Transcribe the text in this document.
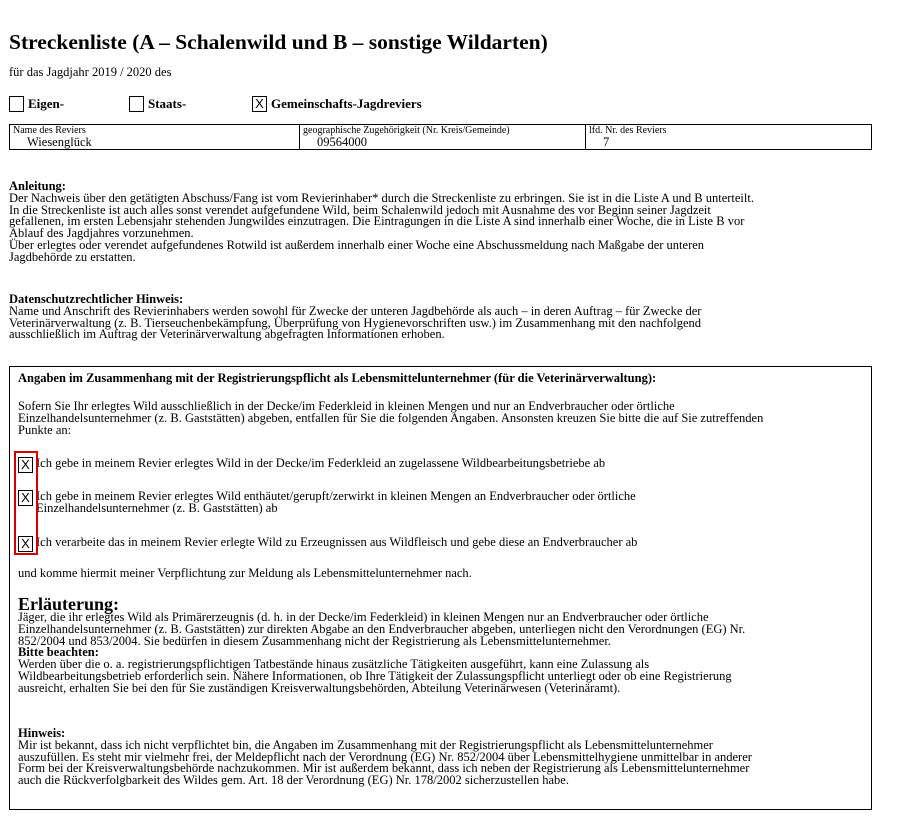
Streckenliste (A – Schalenwild und B – sonstige Wildarten)
für das Jagdjahr 2019 / 2020 des
Eigen-	Staats-	X Gemeinschafts-Jagdreviers
Name des Reviers
Wiesenglück

geographische Zugehörigkeit (Nr. Kreis/Gemeinde)
09564000

lfd. Nr. des Reviers
7

Anleitung:

Der Nachweis über den getätigten Abschuss/Fang ist vom Revierinhaber* durch die Streckenliste zu erbringen. Sie ist in die Liste A und B unterteilt.

In die Streckenliste ist auch alles sonst verendet aufgefundene Wild, beim Schalenwild jedoch mit Ausnahme des vor Beginn seiner Jagdzeit

gefallenen, im ersten Lebensjahr stehenden Jungwildes einzutragen. Die Eintragungen in die Liste A sind innerhalb einer Woche, die in Liste B vor

Ablauf des Jagdjahres vorzunehmen.

Über erlegtes oder verendet aufgefundenes Rotwild ist außerdem innerhalb einer Woche eine Abschussmeldung nach Maßgabe der unteren

Jagdbehörde zu erstatten.

Datenschutzrechtlicher Hinweis:

Name und Anschrift des Revierinhabers werden sowohl für Zwecke der unteren Jagdbehörde als auch – in deren Auftrag – für Zwecke der

Veterinärverwaltung (z. B. Tierseuchenbekämpfung, Überprüfung von Hygienevorschriften usw.) im Zusammenhang mit den nachfolgend

ausschließlich im Auftrag der Veterinärverwaltung abgefragten Informationen erhoben.

Angaben im Zusammenhang mit der Registrierungspflicht als Lebensmittelunternehmer (für die Veterinärverwaltung):

Sofern Sie Ihr erlegtes Wild ausschließlich in der Decke/im Federkleid in kleinen Mengen und nur an Endverbraucher oder örtliche

Einzelhandelsunternehmer (z. B. Gaststätten) abgeben, entfallen für Sie die folgenden Angaben. Ansonsten kreuzen Sie bitte die auf Sie zutreffenden

Punkte an:

X Ich gebe in meinem Revier erlegtes Wild in der Decke/im Federkleid an zugelassene Wildbearbeitungsbetriebe ab

X Ich gebe in meinem Revier erlegtes Wild enthäutet/gerupft/zerwirkt in kleinen Mengen an Endverbraucher oder örtliche

Einzelhandelsunternehmer (z. B. Gaststätten) ab

X Ich verarbeite das in meinem Revier erlegte Wild zu Erzeugnissen aus Wildfleisch und gebe diese an Endverbraucher ab

und komme hiermit meiner Verpflichtung zur Meldung als Lebensmittelunternehmer nach.
Erläuterung:

Jäger, die ihr erlegtes Wild als Primärerzeugnis (d. h. in der Decke/im Federkleid) in kleinen Mengen nur an Endverbraucher oder örtliche

Einzelhandelsunternehmer (z. B. Gaststätten) zur direkten Abgabe an den Endverbraucher abgeben, unterliegen nicht den Verordnungen (EG) Nr.

852/2004 und 853/2004. Sie bedürfen in diesem Zusammenhang nicht der Registrierung als Lebensmittelunternehmer.

Bitte beachten:

Werden über die o. a. registrierungspflichtigen Tatbestände hinaus zusätzliche Tätigkeiten ausgeführt, kann eine Zulassung als

Wildbearbeitungsbetrieb erforderlich sein. Nähere Informationen, ob Ihre Tätigkeit der Zulassungspflicht unterliegt oder ob eine Registrierung

ausreicht, erhalten Sie bei den für Sie zuständigen Kreisverwaltungsbehörden, Abteilung Veterinärwesen (Veterinäramt).

Hinweis:

Mir ist bekannt, dass ich nicht verpflichtet bin, die Angaben im Zusammenhang mit der Registrierungspflicht als Lebensmittelunternehmer

auszufüllen. Es steht mir vielmehr frei, der Meldepflicht nach der Verordnung (EG) Nr. 852/2004 über Lebensmittelhygiene unmittelbar in anderer

Form bei der Kreisverwaltungsbehörde nachzukommen. Mir ist außerdem bekannt, dass ich neben der Registrierung als Lebensmittelunternehmer

auch die Rückverfolgbarkeit des Wildes gem. Art. 18 der Verordnung (EG) Nr. 178/2002 sicherzustellen habe.
